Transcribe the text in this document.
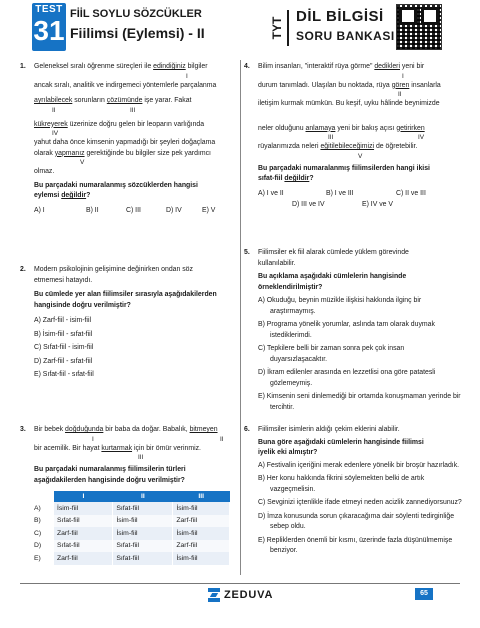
TEST
31
FİİL SOYLU SÖZCÜKLER
Fiilimsi (Eylemsi) - II	TYT
DİL BİLGİSİ
SORU BANKASI
1. Geleneksel sıralı öğrenme süreçleri ile edindiğiniz bilgiler
I
ancak sıralı, analitik ve indirgemeci yöntemlerle parçalanma
ayrılabilecek sorunların çözümünde işe yarar. Fakat
II	III
kükreyerek üzerinize doğru gelen bir leoparın varlığında
IV
yahut daha önce kimsenin yapmadığı bir şeyleri doğaçlama
olarak yapmanız gerektiğinde bu bilgiler size pek yardımcı
V
olmaz.
Bu parçadaki numaralanmış sözcüklerden hangisi
eylemsi değildir?
A) I	B) II	C) III	D) IV	E) V
2. Modern psikolojinin gelişimine değinirken ondan söz
etmemesi hatayıdı.
Bu cümlede yer alan fiilimsiler sırasıyla aşağıdakilerden
hangisinde doğru verilmiştir?
A) Zarf-fiil - isim-fiil
B) İsim-fiil - sıfat-fiil
C) Sıfat-fiil - isim-fiil
D) Zarf-fiil - sıfat-fiil
E) Sıfat-fiil - sıfat-fiil
3. Bir bebek doğduğunda bir baba da doğar. Babalık, bitmeyen
I	II
bir acemilik. Bir hayat kurtarmak için bir ömür verinmiz.
III
Bu parçadaki numaralanmış fiilimsilerin türleri
aşağıdakilerden hangisinde doğru verilmiştir?
	I	II	III
A)	İsim-fiil	Sıfat-fiil	İsim-fiil
B)	Sıfat-fiil	İsim-fiil	Zarf-fiil
C)	Zarf-fiil	İsim-fiil	İsim-fiil
D)	Sıfat-fiil	Sıfat-fiil	Zarf-fiil
E)	Zarf-fiil	Sıfat-fiil	İsim-fiil
4. Bilim insanları, "interaktif rüya görme" dedikleri yeni bir
I
durum tanımladı. Ulaşılan bu noktada, rüya gören insanlarla
II
iletişim kurmak mümkün. Bu keşif, uyku hâlinde beynimizde
neler olduğunu anlamaya yeni bir bakış açısı getirirken
III	IV
rüyalarımızda neleri eğitilebileceğimizi de öğretebilir.
V
Bu parçadaki numaralanmış fiilimsilerden hangi ikisi
sıfat-fiil değildir?
A) I ve II	B) I ve III	C) II ve III
D) III ve IV	E) IV ve V
5. Fiilimsiler ek fiil alarak cümlede yüklem görevinde
kullanılabilir.
Bu açıklama aşağıdaki cümlelerin hangisinde
örneklendirilmiştir?
A) Okuduğu, beynin müzikle ilişkisi hakkında ilginç bir araştırmaymış.
B) Programa yönelik yorumlar, aslında tam olarak duymak istediklerimdi.
C) Tepkilere belli bir zaman sonra pek çok insan duyarsızlaşacaktır.
D) İkram edilenler arasında en lezzetlisi ona göre patatesli gözlemeymiş.
E) Kimsenin seni dinlemediği bir ortamda konuşmaman yerinde bir tercihtir.
6. Fiilimsiler isimlerin aldığı çekim eklerini alabilir.
Buna göre aşağıdaki cümlelerin hangisinde fiilimsi
iyelik eki almıştır?
A) Festivalin içeriğini merak edenlere yönelik bir broşür hazırladık.
B) Her konu hakkında fikrini söylemekten belki de artık vazgeçmelisin.
C) Sevginizi içtenlikle ifade etmeyi neden acizlik zannediyorsunuz?
D) İmza konusunda sorun çıkaracağıma dair söylenti tedirginliğe sebep oldu.
E) Repliklerden önemli bir kısmı, üzerinde fazla düşünülmemişe benziyor.
ZEDUVA	65
